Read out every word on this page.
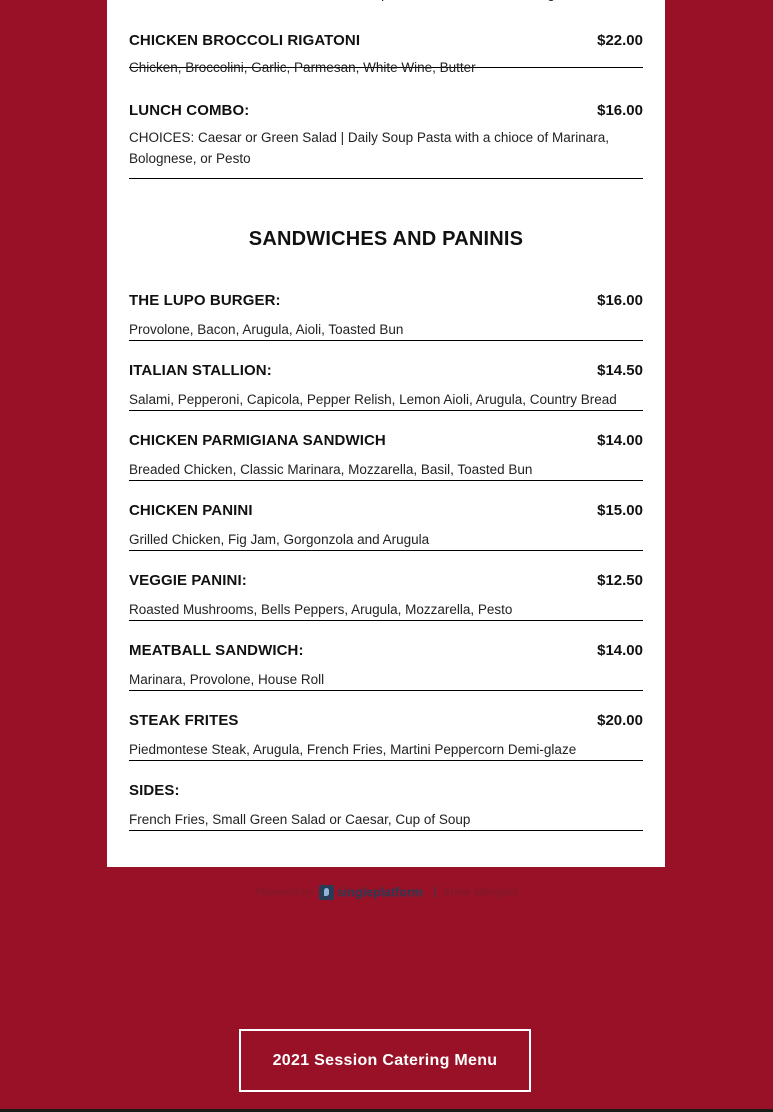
CHICKEN BROCCOLI RIGATONI	$22.00
Chicken, Broccolini, Garlic, Parmesan, White Wine, Butter
LUNCH COMBO:	$16.00
CHOICES: Caesar or Green Salad | Daily Soup Pasta with a chioce of Marinara, Bolognese, or Pesto
SANDWICHES AND PANINIS
THE LUPO BURGER:	$16.00
Provolone, Bacon, Arugula, Aioli, Toasted Bun
ITALIAN STALLION:	$14.50
Salami, Pepperoni, Capicola, Pepper Relish, Lemon Aioli, Arugula, Country Bread
CHICKEN PARMIGIANA SANDWICH	$14.00
Breaded Chicken, Classic Marinara, Mozzarella, Basil, Toasted Bun
CHICKEN PANINI	$15.00
Grilled Chicken, Fig Jam, Gorgonzola and Arugula
VEGGIE PANINI:	$12.50
Roasted Mushrooms, Bells Peppers, Arugula, Mozzarella, Pesto
MEATBALL SANDWICH:	$14.00
Marinara, Provolone, House Roll
STEAK FRITES	$20.00
Piedmontese Steak, Arugula, French Fries, Martini Peppercorn Demi-glaze
SIDES:
French Fries, Small Green Salad or Caesar, Cup of Soup
Powered by singleplatform | Show allergens
2021 Session Catering Menu
